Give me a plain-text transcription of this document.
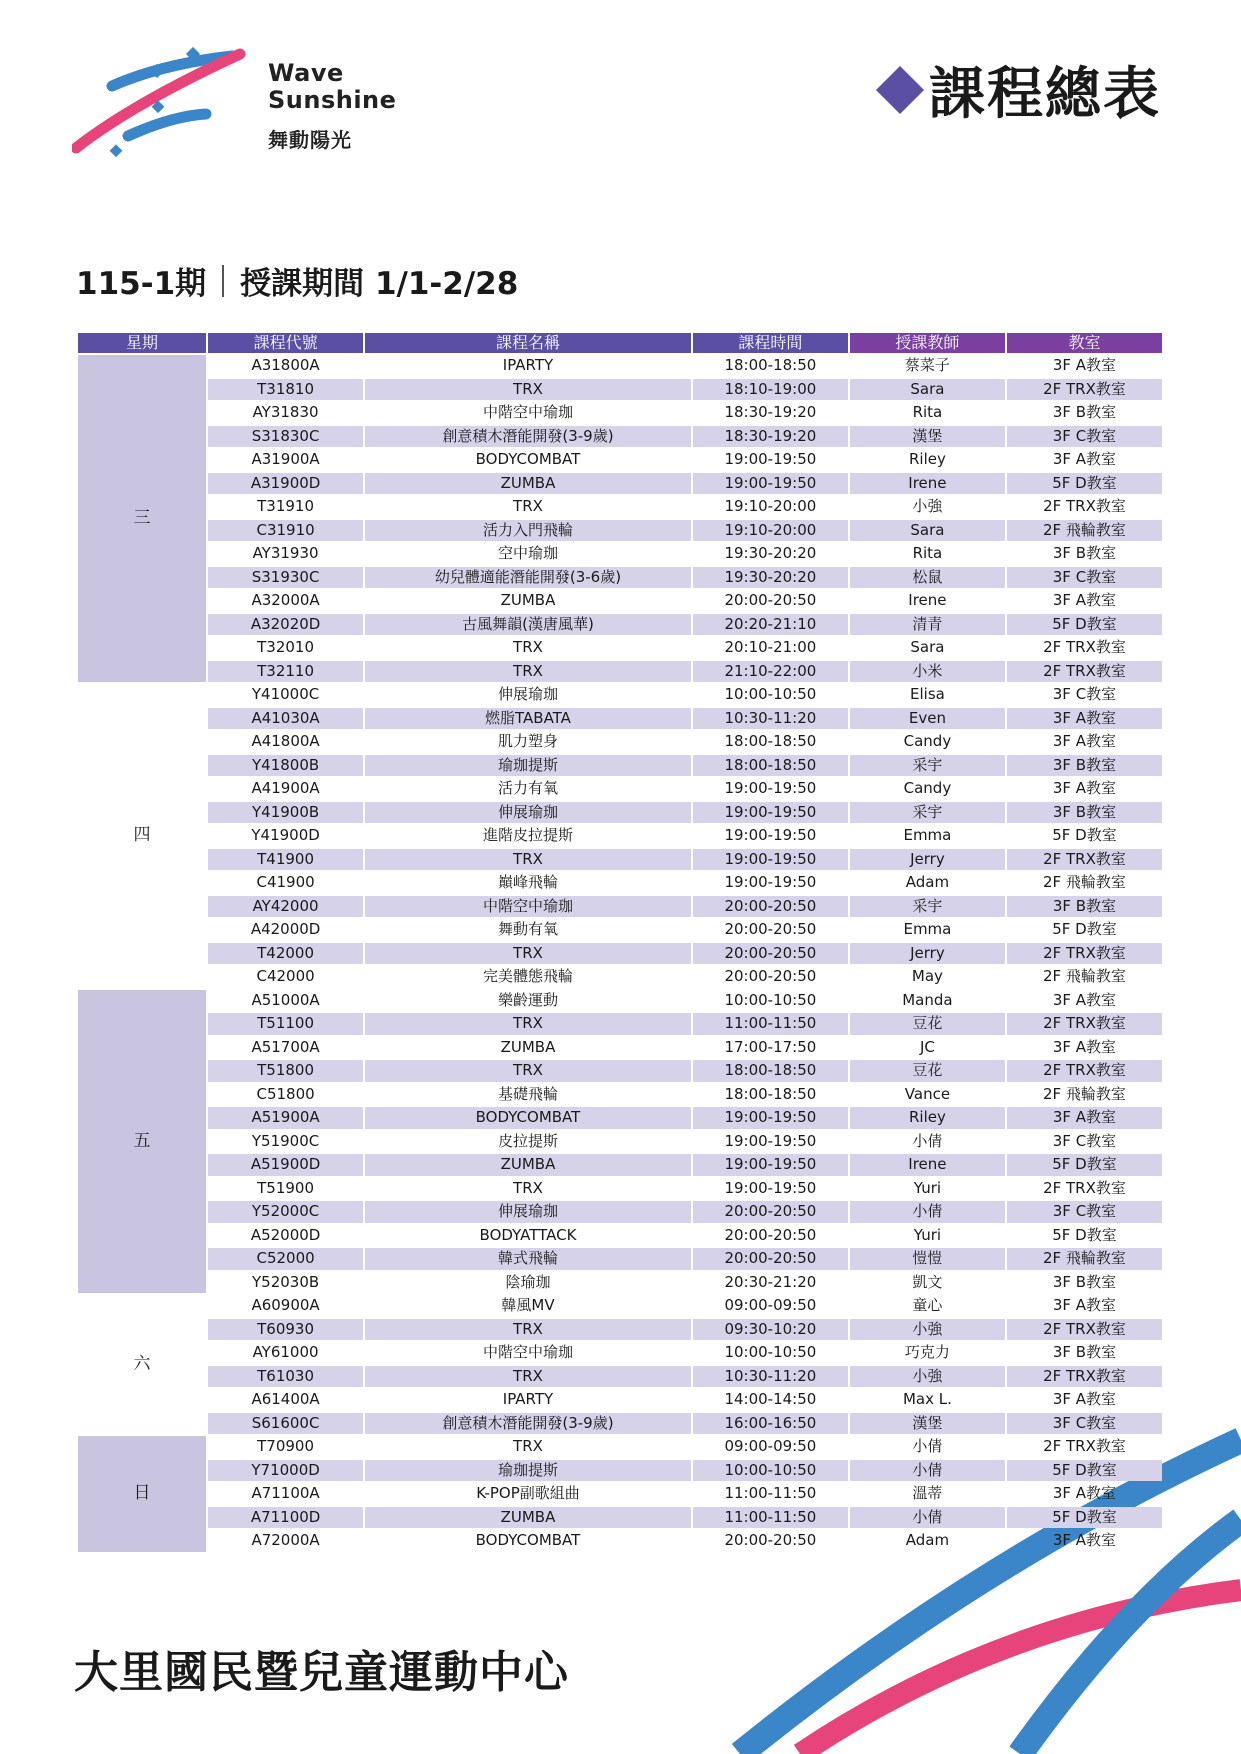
Wave
Sunshine
舞動陽光
課程總表
115-1期 授課期間 1/1-2/28
星期	課程代號	課程名稱	課程時間	授課教師	教室
三	A31800A	IPARTY	18:00-18:50	蔡菜子	3F A教室
	T31810	TRX	18:10-19:00	Sara	2F TRX教室
	AY31830	中階空中瑜珈	18:30-19:20	Rita	3F B教室
	S31830C	創意積木潛能開發(3-9歲)	18:30-19:20	漢堡	3F C教室
	A31900A	BODYCOMBAT	19:00-19:50	Riley	3F A教室
	A31900D	ZUMBA	19:00-19:50	Irene	5F D教室
	T31910	TRX	19:10-20:00	小強	2F TRX教室
	C31910	活力入門飛輪	19:10-20:00	Sara	2F 飛輪教室
	AY31930	空中瑜珈	19:30-20:20	Rita	3F B教室
	S31930C	幼兒體適能潛能開發(3-6歲)	19:30-20:20	松鼠	3F C教室
	A32000A	ZUMBA	20:00-20:50	Irene	3F A教室
	A32020D	古風舞韻(漢唐風華)	20:20-21:10	清青	5F D教室
	T32010	TRX	20:10-21:00	Sara	2F TRX教室
	T32110	TRX	21:10-22:00	小米	2F TRX教室
四	Y41000C	伸展瑜珈	10:00-10:50	Elisa	3F C教室
	A41030A	燃脂TABATA	10:30-11:20	Even	3F A教室
	A41800A	肌力塑身	18:00-18:50	Candy	3F A教室
	Y41800B	瑜珈提斯	18:00-18:50	采宇	3F B教室
	A41900A	活力有氧	19:00-19:50	Candy	3F A教室
	Y41900B	伸展瑜珈	19:00-19:50	采宇	3F B教室
	Y41900D	進階皮拉提斯	19:00-19:50	Emma	5F D教室
	T41900	TRX	19:00-19:50	Jerry	2F TRX教室
	C41900	巔峰飛輪	19:00-19:50	Adam	2F 飛輪教室
	AY42000	中階空中瑜珈	20:00-20:50	采宇	3F B教室
	A42000D	舞動有氧	20:00-20:50	Emma	5F D教室
	T42000	TRX	20:00-20:50	Jerry	2F TRX教室
	C42000	完美體態飛輪	20:00-20:50	May	2F 飛輪教室
五	A51000A	樂齡運動	10:00-10:50	Manda	3F A教室
	T51100	TRX	11:00-11:50	豆花	2F TRX教室
	A51700A	ZUMBA	17:00-17:50	JC	3F A教室
	T51800	TRX	18:00-18:50	豆花	2F TRX教室
	C51800	基礎飛輪	18:00-18:50	Vance	2F 飛輪教室
	A51900A	BODYCOMBAT	19:00-19:50	Riley	3F A教室
	Y51900C	皮拉提斯	19:00-19:50	小倩	3F C教室
	A51900D	ZUMBA	19:00-19:50	Irene	5F D教室
	T51900	TRX	19:00-19:50	Yuri	2F TRX教室
	Y52000C	伸展瑜珈	20:00-20:50	小倩	3F C教室
	A52000D	BODYATTACK	20:00-20:50	Yuri	5F D教室
	C52000	韓式飛輪	20:00-20:50	愷愷	2F 飛輪教室
	Y52030B	陰瑜珈	20:30-21:20	凱文	3F B教室
六	A60900A	韓風MV	09:00-09:50	童心	3F A教室
	T60930	TRX	09:30-10:20	小強	2F TRX教室
	AY61000	中階空中瑜珈	10:00-10:50	巧克力	3F B教室
	T61030	TRX	10:30-11:20	小強	2F TRX教室
	A61400A	IPARTY	14:00-14:50	Max L.	3F A教室
	S61600C	創意積木潛能開發(3-9歲)	16:00-16:50	漢堡	3F C教室
日	T70900	TRX	09:00-09:50	小倩	2F TRX教室
	Y71000D	瑜珈提斯	10:00-10:50	小倩	5F D教室
	A71100A	K-POP副歌組曲	11:00-11:50	溫蒂	3F A教室
	A71100D	ZUMBA	11:00-11:50	小倩	5F D教室
	A72000A	BODYCOMBAT	20:00-20:50	Adam	3F A教室
大里國民暨兒童運動中心
